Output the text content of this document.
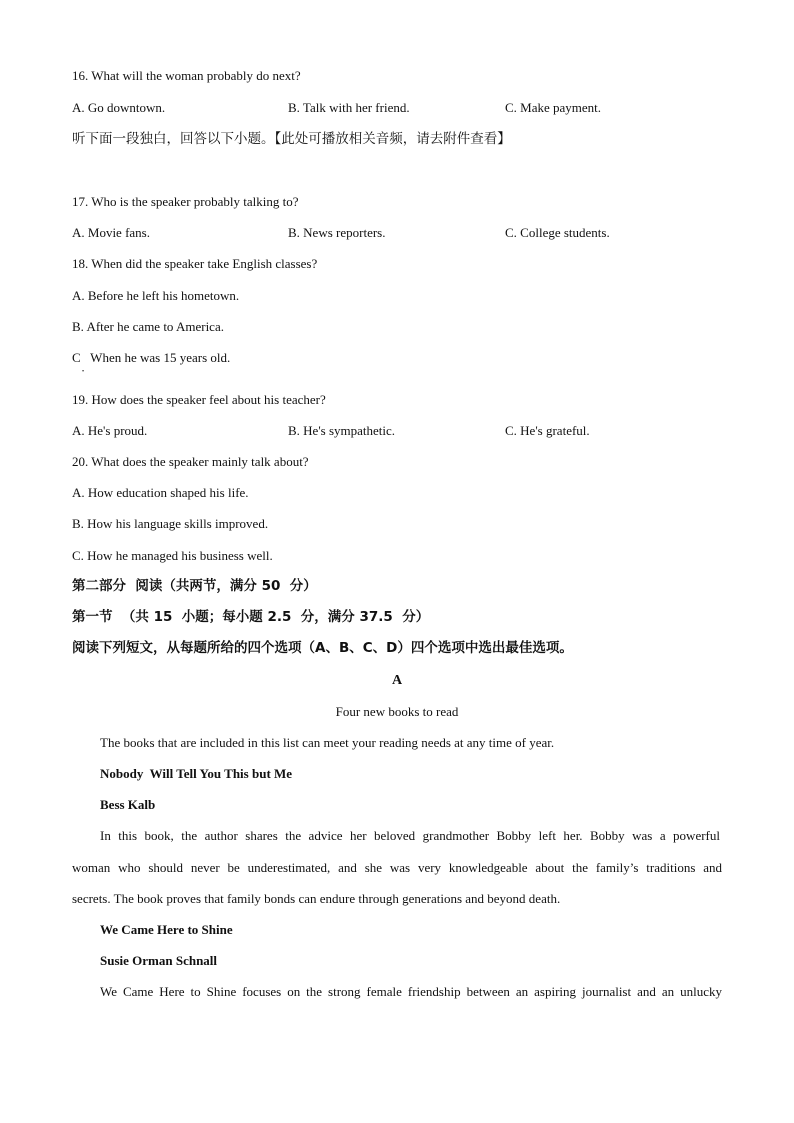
16. What will the woman probably do next?
A. Go downtown.	B. Talk with her friend.	C. Make payment.
听下面一段独白，回答以下小题。【此处可播放相关音频，请去附件查看】
17. Who is the speaker probably talking to?
A. Movie fans.	B. News reporters.	C. College students.
18. When did the speaker take English classes?
A. Before he left his hometown.
B. After he came to America.
C   When he was 15 years old.
•
19. How does the speaker feel about his teacher?
A. He's proud.	B. He's sympathetic.	C. He's grateful.
20. What does the speaker mainly talk about?
A. How education shaped his life.
B. How his language skills improved.
C. How he managed his business well.
第二部分  阅读（共两节，满分 50  分）
第一节  （共 15  小题；每小题 2.5  分，满分 37.5  分）
阅读下列短文，从每题所给的四个选项（A、B、C、D）四个选项中选出最佳选项。
A
Four new books to read
The books that are included in this list can meet your reading needs at any time of year.
Nobody  Will Tell You This but Me
Bess Kalb
In this book, the author shares the advice her beloved grandmother Bobby left her. Bobby was a powerful
woman who should never be underestimated, and she was very knowledgeable about the family’s traditions and
secrets. The book proves that family bonds can endure through generations and beyond death.
We Came Here to Shine
Susie Orman Schnall
We Came Here to Shine focuses on the strong female friendship between an aspiring journalist and an unlucky
